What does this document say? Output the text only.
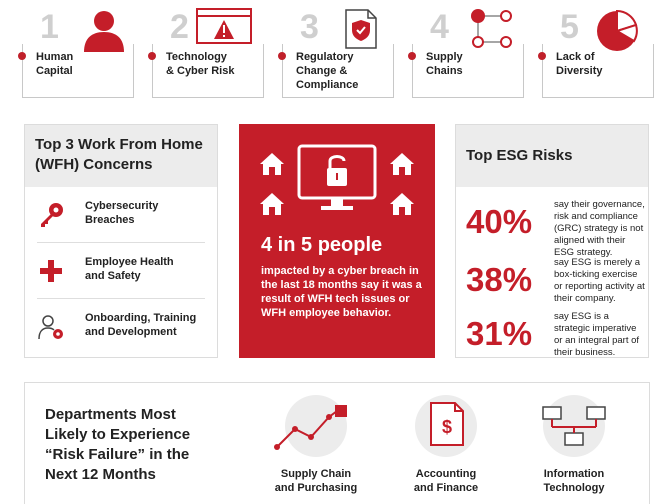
1
Human
Capital
2
Technology
& Cyber Risk
3
Regulatory
Change &
Compliance
4
Supply
Chains
5
Lack of
Diversity
Top 3 Work From Home (WFH) Concerns
Cybersecurity
Breaches
Employee Health
and Safety
Onboarding, Training
and Development
4 in 5 people
impacted by a cyber breach in the last 18 months say it was a result of WFH tech issues or WFH employee behavior.
Top ESG Risks
40% say their governance, risk and compliance (GRC) strategy is not aligned with their ESG strategy.
38% say ESG is merely a box-ticking exercise or reporting activity at their company.
31% say ESG is a strategic imperative or an integral part of their business.
Departments Most
Likely to Experience
“Risk Failure” in the
Next 12 Months	Supply Chain
and Purchasing
$
Accounting
and Finance
Information
Technology
